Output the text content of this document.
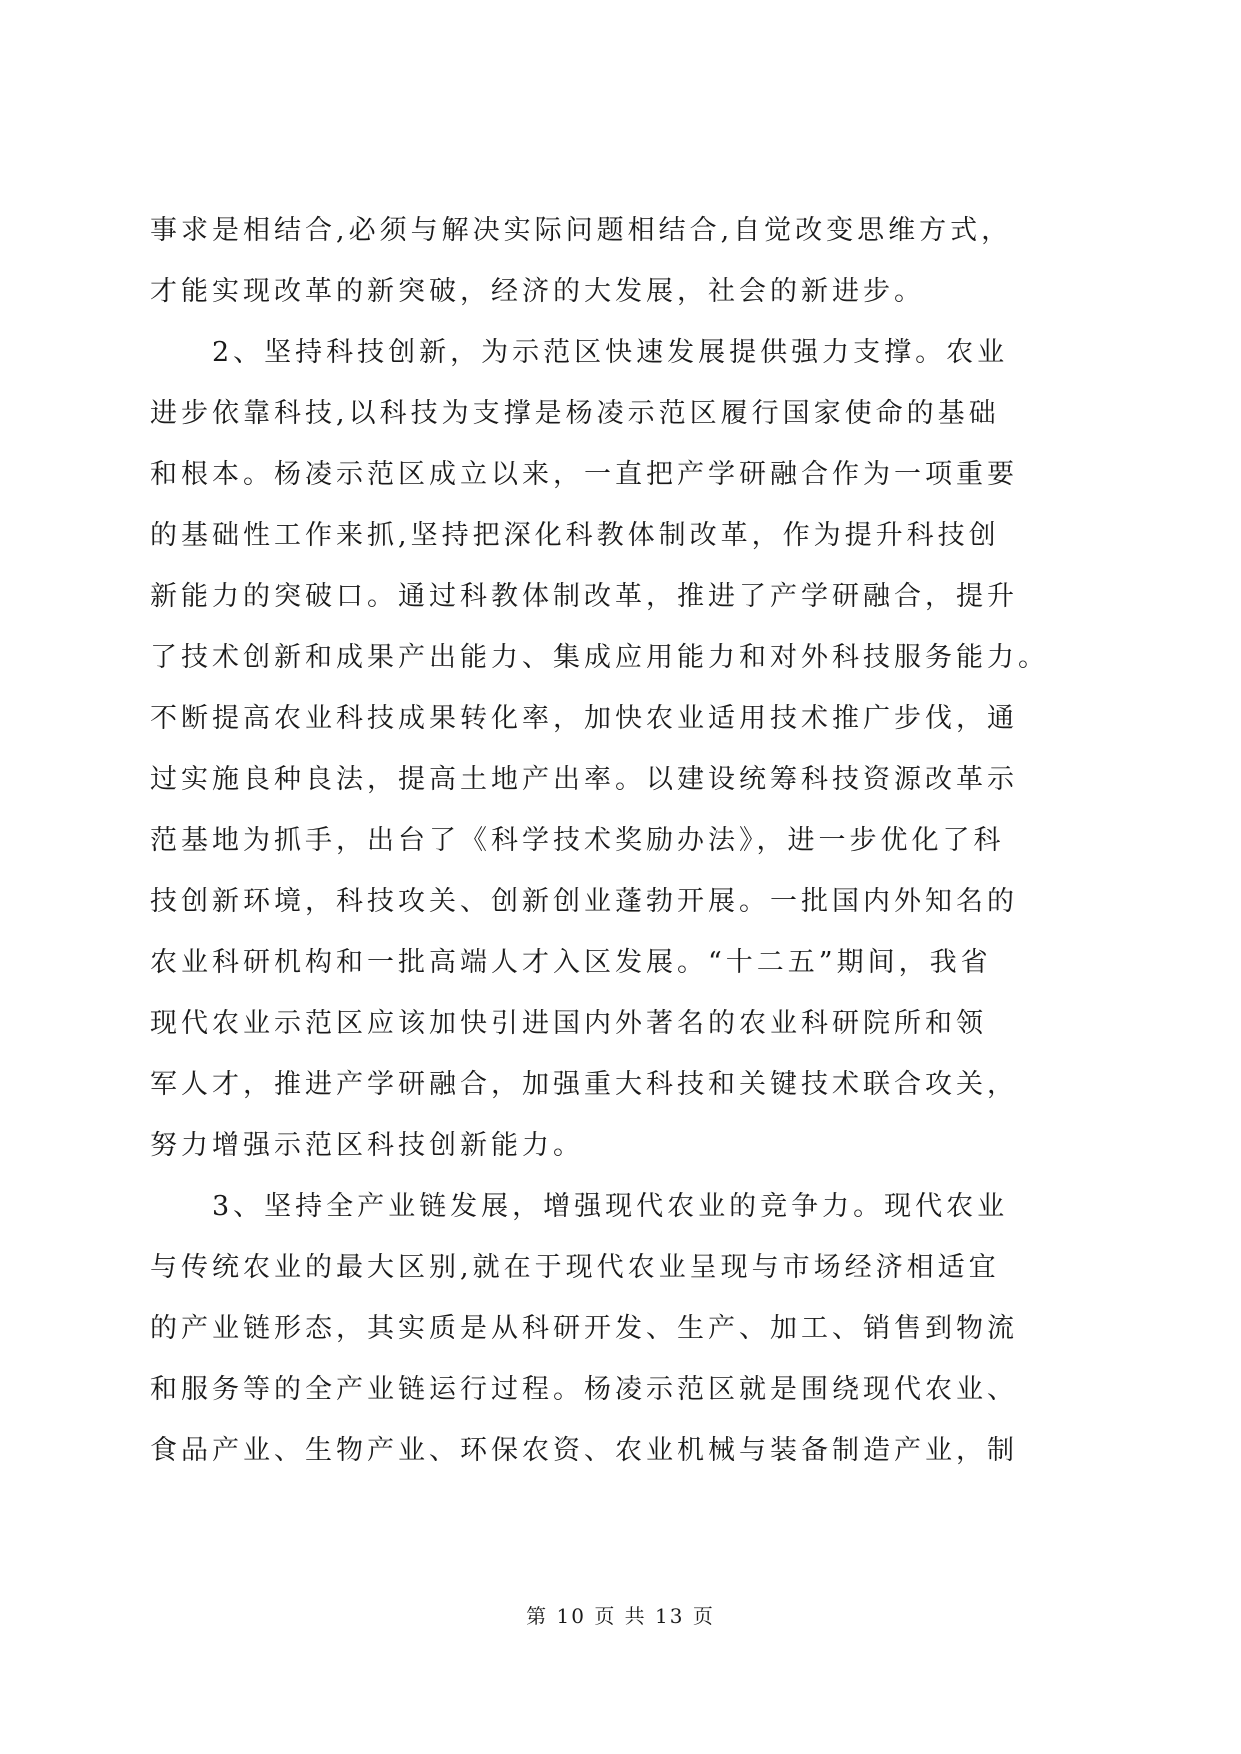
事求是相结合,必须与解决实际问题相结合,自觉改变思维方式，
才能实现改革的新突破，经济的大发展，社会的新进步。
2、坚持科技创新，为示范区快速发展提供强力支撑。农业
进步依靠科技,以科技为支撑是杨凌示范区履行国家使命的基础
和根本。杨凌示范区成立以来，一直把产学研融合作为一项重要
的基础性工作来抓,坚持把深化科教体制改革，作为提升科技创
新能力的突破口。通过科教体制改革，推进了产学研融合，提升
了技术创新和成果产出能力、集成应用能力和对外科技服务能力。
不断提高农业科技成果转化率，加快农业适用技术推广步伐，通
过实施良种良法，提高土地产出率。以建设统筹科技资源改革示
范基地为抓手，出台了《科学技术奖励办法》，进一步优化了科
技创新环境，科技攻关、创新创业蓬勃开展。一批国内外知名的
农业科研机构和一批高端人才入区发展。“十二五”期间，我省
现代农业示范区应该加快引进国内外著名的农业科研院所和领
军人才，推进产学研融合，加强重大科技和关键技术联合攻关，
努力增强示范区科技创新能力。
3、坚持全产业链发展，增强现代农业的竞争力。现代农业
与传统农业的最大区别,就在于现代农业呈现与市场经济相适宜
的产业链形态，其实质是从科研开发、生产、加工、销售到物流
和服务等的全产业链运行过程。杨凌示范区就是围绕现代农业、
食品产业、生物产业、环保农资、农业机械与装备制造产业，制
第 10 页 共 13 页
